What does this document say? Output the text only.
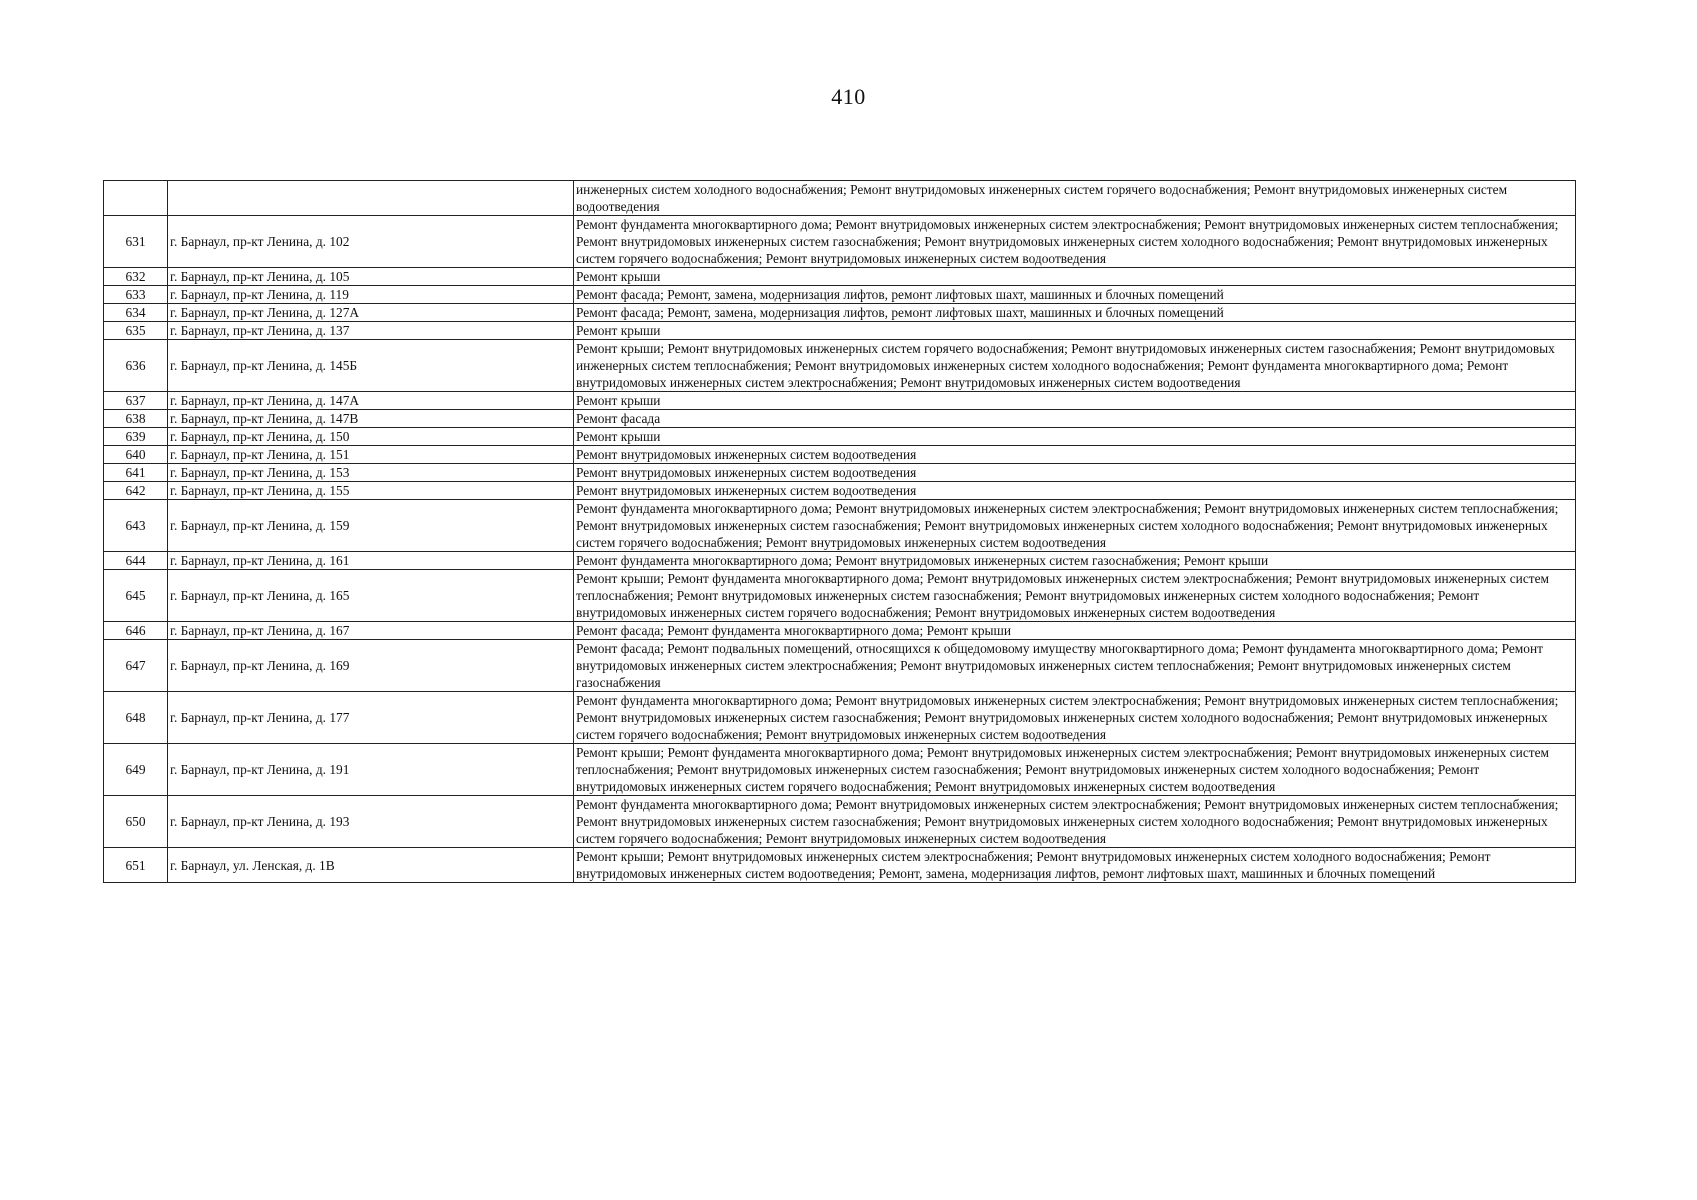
410
		инженерных систем холодного водоснабжения; Ремонт внутридомовых инженерных систем горячего водоснабжения; Ремонт внутридомовых инженерных систем водоотведения
631	г. Барнаул, пр-кт Ленина, д. 102	Ремонт фундамента многоквартирного дома; Ремонт внутридомовых инженерных систем электроснабжения; Ремонт внутридомовых инженерных систем теплоснабжения; Ремонт внутридомовых инженерных систем газоснабжения; Ремонт внутридомовых инженерных систем холодного водоснабжения; Ремонт внутридомовых инженерных систем горячего водоснабжения; Ремонт внутридомовых инженерных систем водоотведения
632	г. Барнаул, пр-кт Ленина, д. 105	Ремонт крыши
633	г. Барнаул, пр-кт Ленина, д. 119	Ремонт фасада; Ремонт, замена, модернизация лифтов, ремонт лифтовых шахт, машинных и блочных помещений
634	г. Барнаул, пр-кт Ленина, д. 127А	Ремонт фасада; Ремонт, замена, модернизация лифтов, ремонт лифтовых шахт, машинных и блочных помещений
635	г. Барнаул, пр-кт Ленина, д. 137	Ремонт крыши
636	г. Барнаул, пр-кт Ленина, д. 145Б	Ремонт крыши; Ремонт внутридомовых инженерных систем горячего водоснабжения; Ремонт внутридомовых инженерных систем газоснабжения; Ремонт внутридомовых инженерных систем теплоснабжения; Ремонт внутридомовых инженерных систем холодного водоснабжения; Ремонт фундамента многоквартирного дома; Ремонт внутридомовых инженерных систем электроснабжения; Ремонт внутридомовых инженерных систем водоотведения
637	г. Барнаул, пр-кт Ленина, д. 147А	Ремонт крыши
638	г. Барнаул, пр-кт Ленина, д. 147В	Ремонт фасада
639	г. Барнаул, пр-кт Ленина, д. 150	Ремонт крыши
640	г. Барнаул, пр-кт Ленина, д. 151	Ремонт внутридомовых инженерных систем водоотведения
641	г. Барнаул, пр-кт Ленина, д. 153	Ремонт внутридомовых инженерных систем водоотведения
642	г. Барнаул, пр-кт Ленина, д. 155	Ремонт внутридомовых инженерных систем водоотведения
643	г. Барнаул, пр-кт Ленина, д. 159	Ремонт фундамента многоквартирного дома; Ремонт внутридомовых инженерных систем электроснабжения; Ремонт внутридомовых инженерных систем теплоснабжения; Ремонт внутридомовых инженерных систем газоснабжения; Ремонт внутридомовых инженерных систем холодного водоснабжения; Ремонт внутридомовых инженерных систем горячего водоснабжения; Ремонт внутридомовых инженерных систем водоотведения
644	г. Барнаул, пр-кт Ленина, д. 161	Ремонт фундамента многоквартирного дома; Ремонт внутридомовых инженерных систем газоснабжения; Ремонт крыши
645	г. Барнаул, пр-кт Ленина, д. 165	Ремонт крыши; Ремонт фундамента многоквартирного дома; Ремонт внутридомовых инженерных систем электроснабжения; Ремонт внутридомовых инженерных систем теплоснабжения; Ремонт внутридомовых инженерных систем газоснабжения; Ремонт внутридомовых инженерных систем холодного водоснабжения; Ремонт внутридомовых инженерных систем горячего водоснабжения; Ремонт внутридомовых инженерных систем водоотведения
646	г. Барнаул, пр-кт Ленина, д. 167	Ремонт фасада; Ремонт фундамента многоквартирного дома; Ремонт крыши
647	г. Барнаул, пр-кт Ленина, д. 169	Ремонт фасада; Ремонт подвальных помещений, относящихся к общедомовому имуществу многоквартирного дома; Ремонт фундамента многоквартирного дома; Ремонт внутридомовых инженерных систем электроснабжения; Ремонт внутридомовых инженерных систем теплоснабжения; Ремонт внутридомовых инженерных систем газоснабжения
648	г. Барнаул, пр-кт Ленина, д. 177	Ремонт фундамента многоквартирного дома; Ремонт внутридомовых инженерных систем электроснабжения; Ремонт внутридомовых инженерных систем теплоснабжения; Ремонт внутридомовых инженерных систем газоснабжения; Ремонт внутридомовых инженерных систем холодного водоснабжения; Ремонт внутридомовых инженерных систем горячего водоснабжения; Ремонт внутридомовых инженерных систем водоотведения
649	г. Барнаул, пр-кт Ленина, д. 191	Ремонт крыши; Ремонт фундамента многоквартирного дома; Ремонт внутридомовых инженерных систем электроснабжения; Ремонт внутридомовых инженерных систем теплоснабжения; Ремонт внутридомовых инженерных систем газоснабжения; Ремонт внутридомовых инженерных систем холодного водоснабжения; Ремонт внутридомовых инженерных систем горячего водоснабжения; Ремонт внутридомовых инженерных систем водоотведения
650	г. Барнаул, пр-кт Ленина, д. 193	Ремонт фундамента многоквартирного дома; Ремонт внутридомовых инженерных систем электроснабжения; Ремонт внутридомовых инженерных систем теплоснабжения; Ремонт внутридомовых инженерных систем газоснабжения; Ремонт внутридомовых инженерных систем холодного водоснабжения; Ремонт внутридомовых инженерных систем горячего водоснабжения; Ремонт внутридомовых инженерных систем водоотведения
651	г. Барнаул, ул. Ленская, д. 1В	Ремонт крыши; Ремонт внутридомовых инженерных систем электроснабжения; Ремонт внутридомовых инженерных систем холодного водоснабжения; Ремонт внутридомовых инженерных систем водоотведения; Ремонт, замена, модернизация лифтов, ремонт лифтовых шахт, машинных и блочных помещений
